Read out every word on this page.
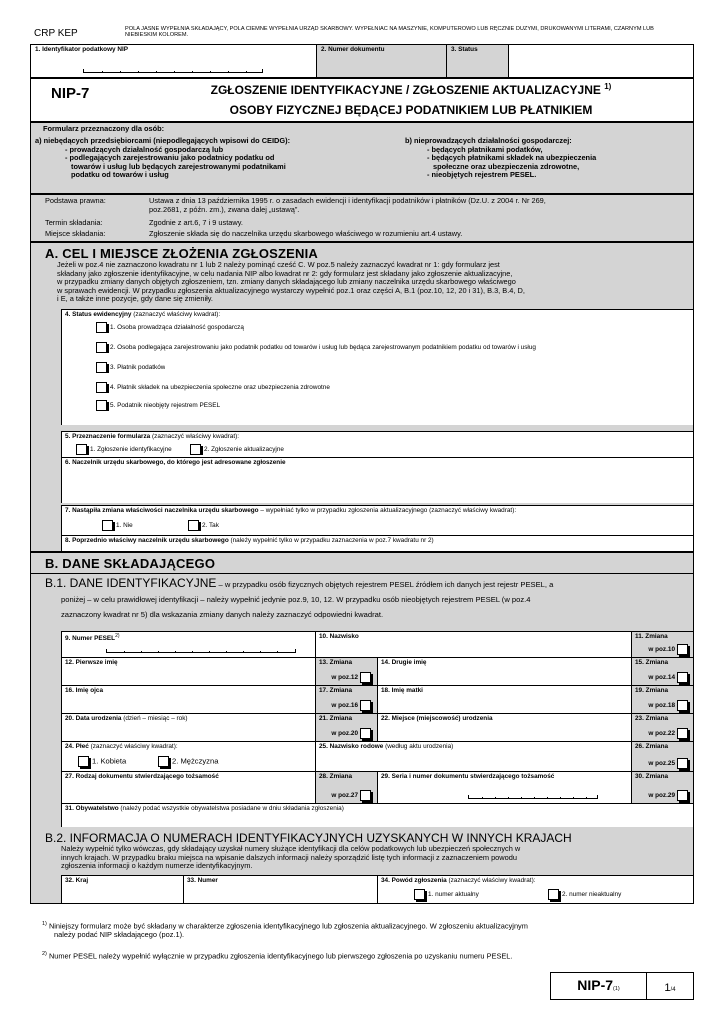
CRP KEP	POLA JASNE WYPEŁNIA SKŁADAJĄCY, POLA CIEMNE WYPEŁNIA URZĄD SKARBOWY. WYPEŁNIAĆ NA MASZYNIE, KOMPUTEROWO LUB RĘCZNIE DUŻYMI, DRUKOWANYMI LITERAMI, CZARNYM LUB NIEBIESKIM KOLOREM.
1. Identyfikator podatkowy NIP	2. Numer dokumentu	3. Status
NIP-7	ZGŁOSZENIE IDENTYFIKACYJNE / ZGŁOSZENIE AKTUALIZACYJNE $^{1)}$
OSOBY FIZYCZNEJ BĘDĄCEJ PODATNIKIEM LUB PŁATNIKIEM
Formularz przeznaczony dla osób:
a) niebędących przedsiębiorcami (niepodlegających wpisowi do CEIDG):
- prowadzących działalność gospodarczą lub
- podlegających zarejestrowaniu jako podatnicy podatku od
towarów i usług lub będących zarejestrowanymi podatnikami
podatku od towarów i usług
b) nieprowadzących działalności gospodarczej:
- będących płatnikami podatków,
- będących płatnikami składek na ubezpieczenia
społeczne oraz ubezpieczenia zdrowotne,
- nieobjętych rejestrem PESEL.
Podstawa prawna:	Ustawa z dnia 13 października 1995 r. o zasadach ewidencji i identyfikacji podatników i płatników (Dz.U. z 2004 r. Nr 269,
poz.2681, z późn. zm.), zwana dalej „ustawą”.
Termin składania:	Zgodnie z art.6, 7 i 9 ustawy.
Miejsce składania:	Zgłoszenie składa się do naczelnika urzędu skarbowego właściwego w rozumieniu art.4 ustawy.
A. CEL I MIEJSCE ZŁOŻENIA ZGŁOSZENIA
Jeżeli w poz.4 nie zaznaczono kwadratu nr 1 lub 2 należy pominąć cześć C. W poz.5 należy zaznaczyć kwadrat nr 1: gdy formularz jest
składany jako zgłoszenie identyfikacyjne, w celu nadania NIP albo kwadrat nr 2: gdy formularz jest składany jako zgłoszenie aktualizacyjne,
w przypadku zmiany danych objętych zgłoszeniem, tzn. zmiany danych składającego lub zmiany naczelnika urzędu skarbowego właściwego
w sprawach ewidencji. W przypadku zgłoszenia aktualizacyjnego wystarczy wypełnić poz.1 oraz części A, B.1 (poz.10, 12, 20 i 31), B.3, B.4, D,
i E, a także inne pozycje, gdy dane się zmieniły.
4. Status ewidencyjny (zaznaczyć właściwy kwadrat):
1. Osoba prowadząca działalność gospodarczą
2. Osoba podlegająca zarejestrowaniu jako podatnik podatku od towarów i usług lub będąca zarejestrowanym podatnikiem podatku od towarów i usług
3. Płatnik podatków
4. Płatnik składek na ubezpieczenia społeczne oraz ubezpieczenia zdrowotne
5. Podatnik nieobjęty rejestrem PESEL
5. Przeznaczenie formularza (zaznaczyć właściwy kwadrat):
1. Zgłoszenie identyfikacyjne	2. Zgłoszenie aktualizacyjne
6. Naczelnik urzędu skarbowego, do którego jest adresowane zgłoszenie
7. Nastąpiła zmiana właściwości naczelnika urzędu skarbowego – wypełniać tylko w przypadku zgłoszenia aktualizacyjnego (zaznaczyć właściwy kwadrat):
1. Nie	2. Tak
8. Poprzednio właściwy naczelnik urzędu skarbowego (należy wypełnić tylko w przypadku zaznaczenia w poz.7 kwadratu nr 2)
B. DANE SKŁADAJĄCEGO
B.1. DANE IDENTYFIKACYJNE – w przypadku osób fizycznych objętych rejestrem PESEL źródłem ich danych jest rejestr PESEL, a
poniżej – w celu prawidłowej identyfikacji – należy wypełnić jedynie poz.9, 10, 12. W przypadku osób nieobjętych rejestrem PESEL (w poz.4
zaznaczony kwadrat nr 5) dla wskazania zmiany danych należy zaznaczyć odpowiedni kwadrat.
9. Numer PESEL$^{2)}$	10. Nazwisko	11. Zmiana
w poz.10
12. Pierwsze imię	13. Zmiana
w poz.12
14. Drugie imię	15. Zmiana
w poz.14
16. Imię ojca	17. Zmiana
w poz.16
18. Imię matki	19. Zmiana
w poz.18
20. Data urodzenia (dzień – miesiąc – rok)	21. Zmiana
w poz.20
22. Miejsce (miejscowość) urodzenia	23. Zmiana
w poz.22
24. Płeć (zaznaczyć właściwy kwadrat):
1. Kobieta	2. Mężczyzna
25. Nazwisko rodowe (według aktu urodzenia)	26. Zmiana
w poz.25
27. Rodzaj dokumentu stwierdzającego tożsamość	28. Zmiana
w poz.27
29. Seria i numer dokumentu stwierdzającego tożsamość	30. Zmiana
w poz.29
31. Obywatelstwo (należy podać wszystkie obywatelstwa posiadane w dniu składania zgłoszenia)
B.2. INFORMACJA O NUMERACH IDENTYFIKACYJNYCH UZYSKANYCH W INNYCH KRAJACH
Należy wypełnić tylko wówczas, gdy składający uzyskał numery służące identyfikacji dla celów podatkowych lub ubezpieczeń społecznych w
innych krajach. W przypadku braku miejsca na wpisanie dalszych informacji należy sporządzić listę tych informacji z zaznaczeniem powodu
zgłoszenia informacji o każdym numerze identyfikacyjnym.
32. Kraj	33. Numer	34. Powód zgłoszenia (zaznaczyć właściwy kwadrat):
1. numer aktualny	2. numer nieaktualny
$^{1)}$ Niniejszy formularz może być składany w charakterze zgłoszenia identyfikacyjnego lub zgłoszenia aktualizacyjnego. W zgłoszeniu aktualizacyjnym
należy podać NIP składającego (poz.1).
$^{2)}$ Numer PESEL należy wypełnić wyłącznie w przypadku zgłoszenia identyfikacyjnego lub pierwszego zgłoszenia po uzyskaniu numeru PESEL.
NIP-7(1)	1/4
